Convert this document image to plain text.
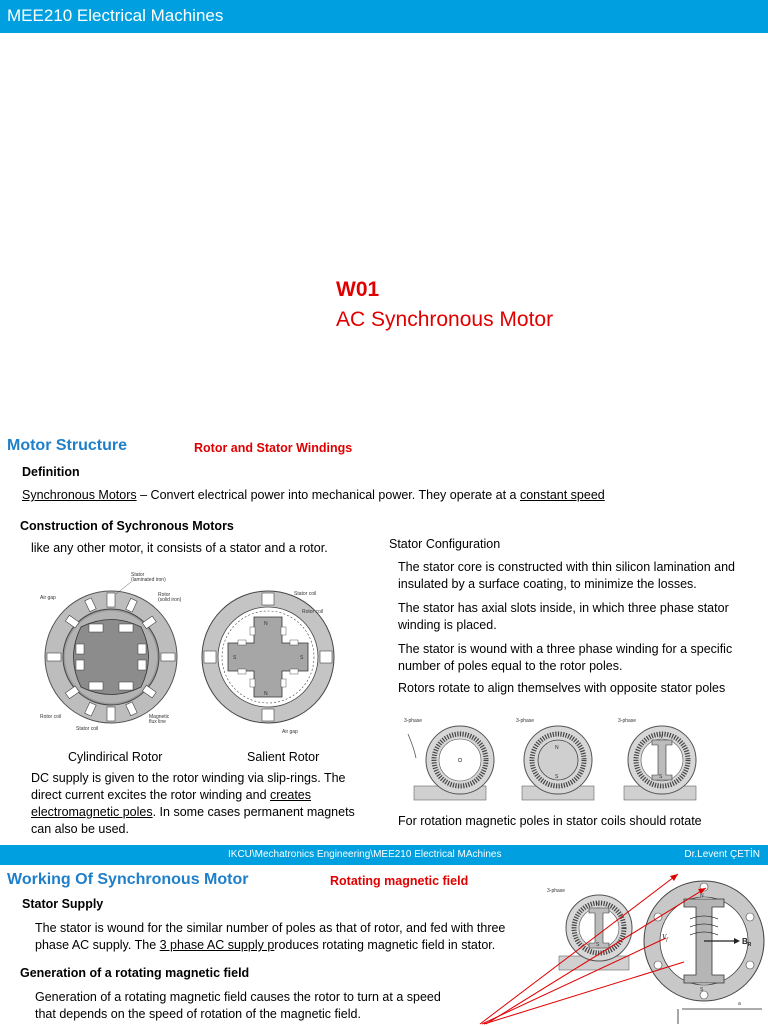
MEE210 Electrical Machines
W01
AC Synchronous Motor
Motor Structure	Rotor and Stator Windings
Definition
Synchronous Motors – Convert electrical power into mechanical power. They operate at a constant speed
Construction of Sychronous Motors
like any other motor, it consists of a stator and a rotor.
Stator
(laminated iron)
Air gap	Rotor
(solid iron)
Rotor coil
Stator coil
Magnetic
flux line
N
N
S	S
Stator coil
Rotor coil
Air gap
Cylindirical Rotor	Salient Rotor
DC supply is given to the rotor winding via slip-rings. The
direct current excites the rotor winding and creates
electromagnetic poles. In some cases permanent magnets
can also be used.
Stator Configuration
The stator core is constructed with thin silicon lamination and insulated by a surface coating, to minimize the losses.
The stator has axial slots inside, in which three phase stator winding is placed.
The stator is wound with a three phase winding for a specific number of poles equal to the rotor poles.
Rotors rotate to align themselves with opposite stator poles
3-phase	3-phase
N
S
3-phase
N
S
For rotation magnetic poles in stator coils should rotate
IKCU\Mechatronics Engineering\MEE210 Electrical MAchines	Dr.Levent ÇETİN
Working Of Synchronous Motor	Rotating magnetic field
Stator Supply
The stator is wound for the similar number of poles as that of rotor, and fed with three
phase AC supply. The 3 phase AC supply produces rotating magnetic field in stator.
Generation of a rotating magnetic field
Generation of a rotating magnetic field causes the rotor to turn at a speed
that depends on the speed of rotation of the magnetic field.
3-phase
N
S	$B_R$
$V_f$
N
S
a
